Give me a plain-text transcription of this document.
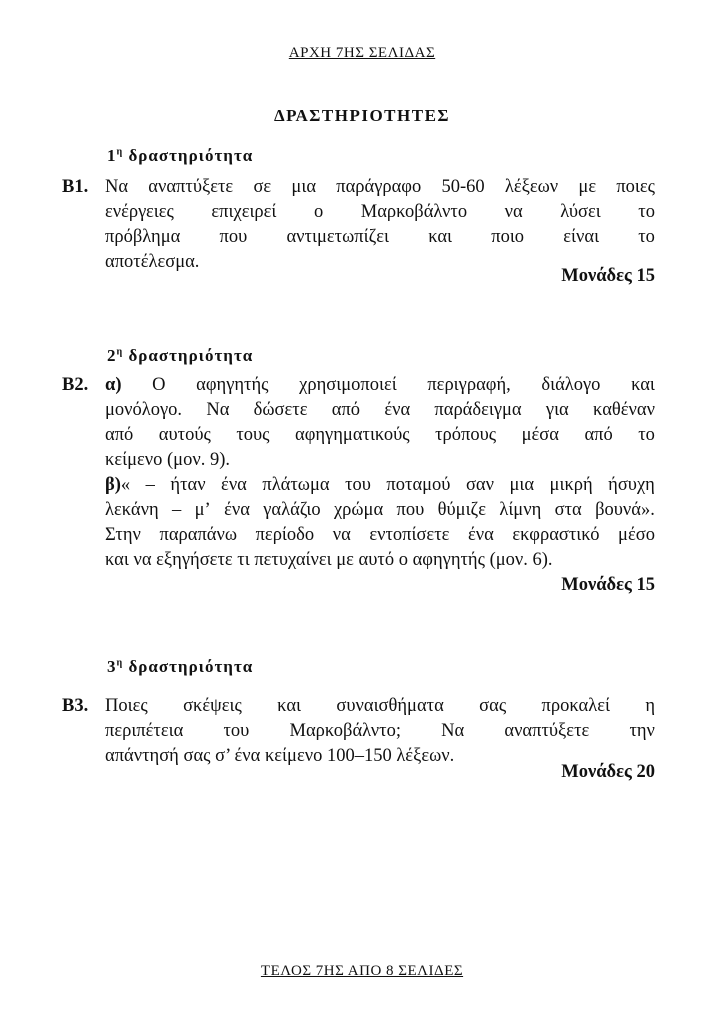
ΑΡΧΗ 7ΗΣ ΣΕΛΙΔΑΣ
ΔΡΑΣΤΗΡΙΟΤΗΤΕΣ
$1^\eta$ δραστηριότητα
Β1. Να αναπτύξετε σε μια παράγραφο 50-60 λέξεων με ποιες
ενέργειες επιχειρεί ο Μαρκοβάλντο να λύσει το
πρόβλημα που αντιμετωπίζει και ποιο είναι το
αποτέλεσμα.
Μονάδες 15
$2^\eta$ δραστηριότητα
Β2. α) Ο αφηγητής χρησιμοποιεί περιγραφή, διάλογο και
μονόλογο. Να δώσετε από ένα παράδειγμα για καθέναν
από αυτούς τους αφηγηματικούς τρόπους μέσα από το
κείμενο (μον. 9).
β)« – ήταν ένα πλάτωμα του ποταμού σαν μια μικρή ήσυχη
λεκάνη – μ’ ένα γαλάζιο χρώμα που θύμιζε λίμνη στα βουνά».
Στην παραπάνω περίοδο να εντοπίσετε ένα εκφραστικό μέσο
και να εξηγήσετε τι πετυχαίνει με αυτό ο αφηγητής (μον. 6).
Μονάδες 15
$3^\eta$ δραστηριότητα
Β3. Ποιες σκέψεις και συναισθήματα σας προκαλεί η
περιπέτεια του Μαρκοβάλντο; Να αναπτύξετε την
απάντησή σας σ’ ένα κείμενο 100–150 λέξεων.
Μονάδες 20
ΤΕΛΟΣ 7ΗΣ ΑΠΟ 8 ΣΕΛΙΔΕΣ
